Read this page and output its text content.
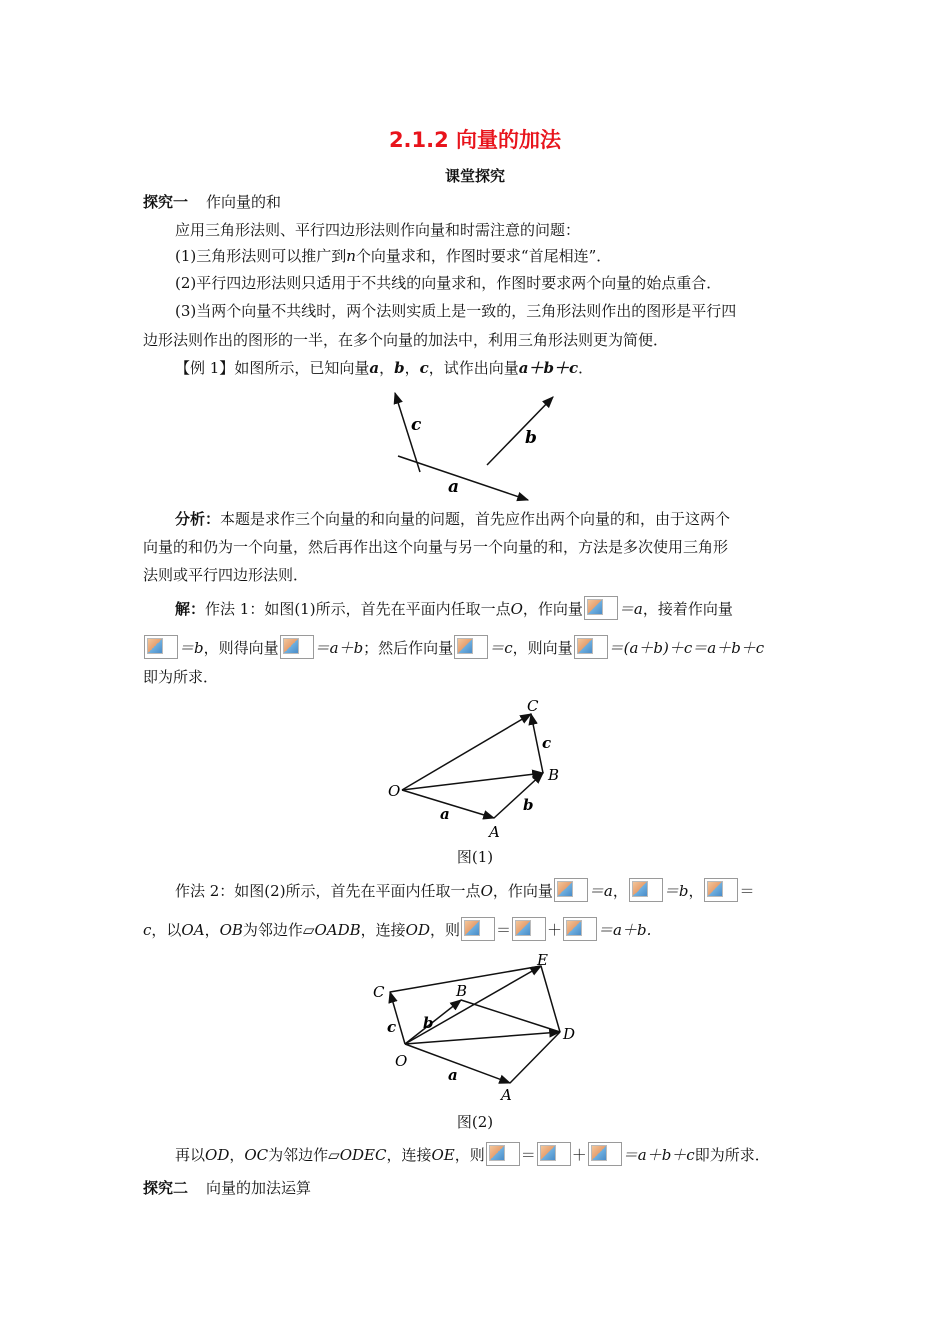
2.1.2 向量的加法
课堂探究
探究一 作向量的和
应用三角形法则、平行四边形法则作向量和时需注意的问题：
(1)三角形法则可以推广到n个向量求和，作图时要求“首尾相连”．
(2)平行四边形法则只适用于不共线的向量求和，作图时要求两个向量的始点重合．
(3)当两个向量不共线时，两个法则实质上是一致的，三角形法则作出的图形是平行四
边形法则作出的图形的一半，在多个向量的加法中，利用三角形法则更为简便．
【例 1】如图所示，已知向量a，b，c，试作出向量a＋b＋c．
c
b
a
分析：本题是求作三个向量的和向量的问题，首先应作出两个向量的和，由于这两个
向量的和仍为一个向量，然后再作出这个向量与另一个向量的和，方法是多次使用三角形
法则或平行四边形法则．
解：作法 1：如图(1)所示，首先在平面内任取一点O，作向量 ＝a，接着作向量
＝b，则得向量 ＝a＋b；然后作向量 ＝c，则向量 ＝(a＋b)＋c＝a＋b＋c
即为所求．
O
A
B
C
a	b
c
图(1)
作法 2：如图(2)所示，首先在平面内任取一点O，作向量 ＝a， ＝b， ＝
c，以OA，OB为邻边作▱OADB，连接OD，则 ＝ ＋ ＝a＋b.
C	B
E
D
O
A
c b
a
图(2)
再以OD，OC为邻边作▱ODEC，连接OE，则 ＝ ＋ ＝a＋b＋c即为所求．
探究二 向量的加法运算
